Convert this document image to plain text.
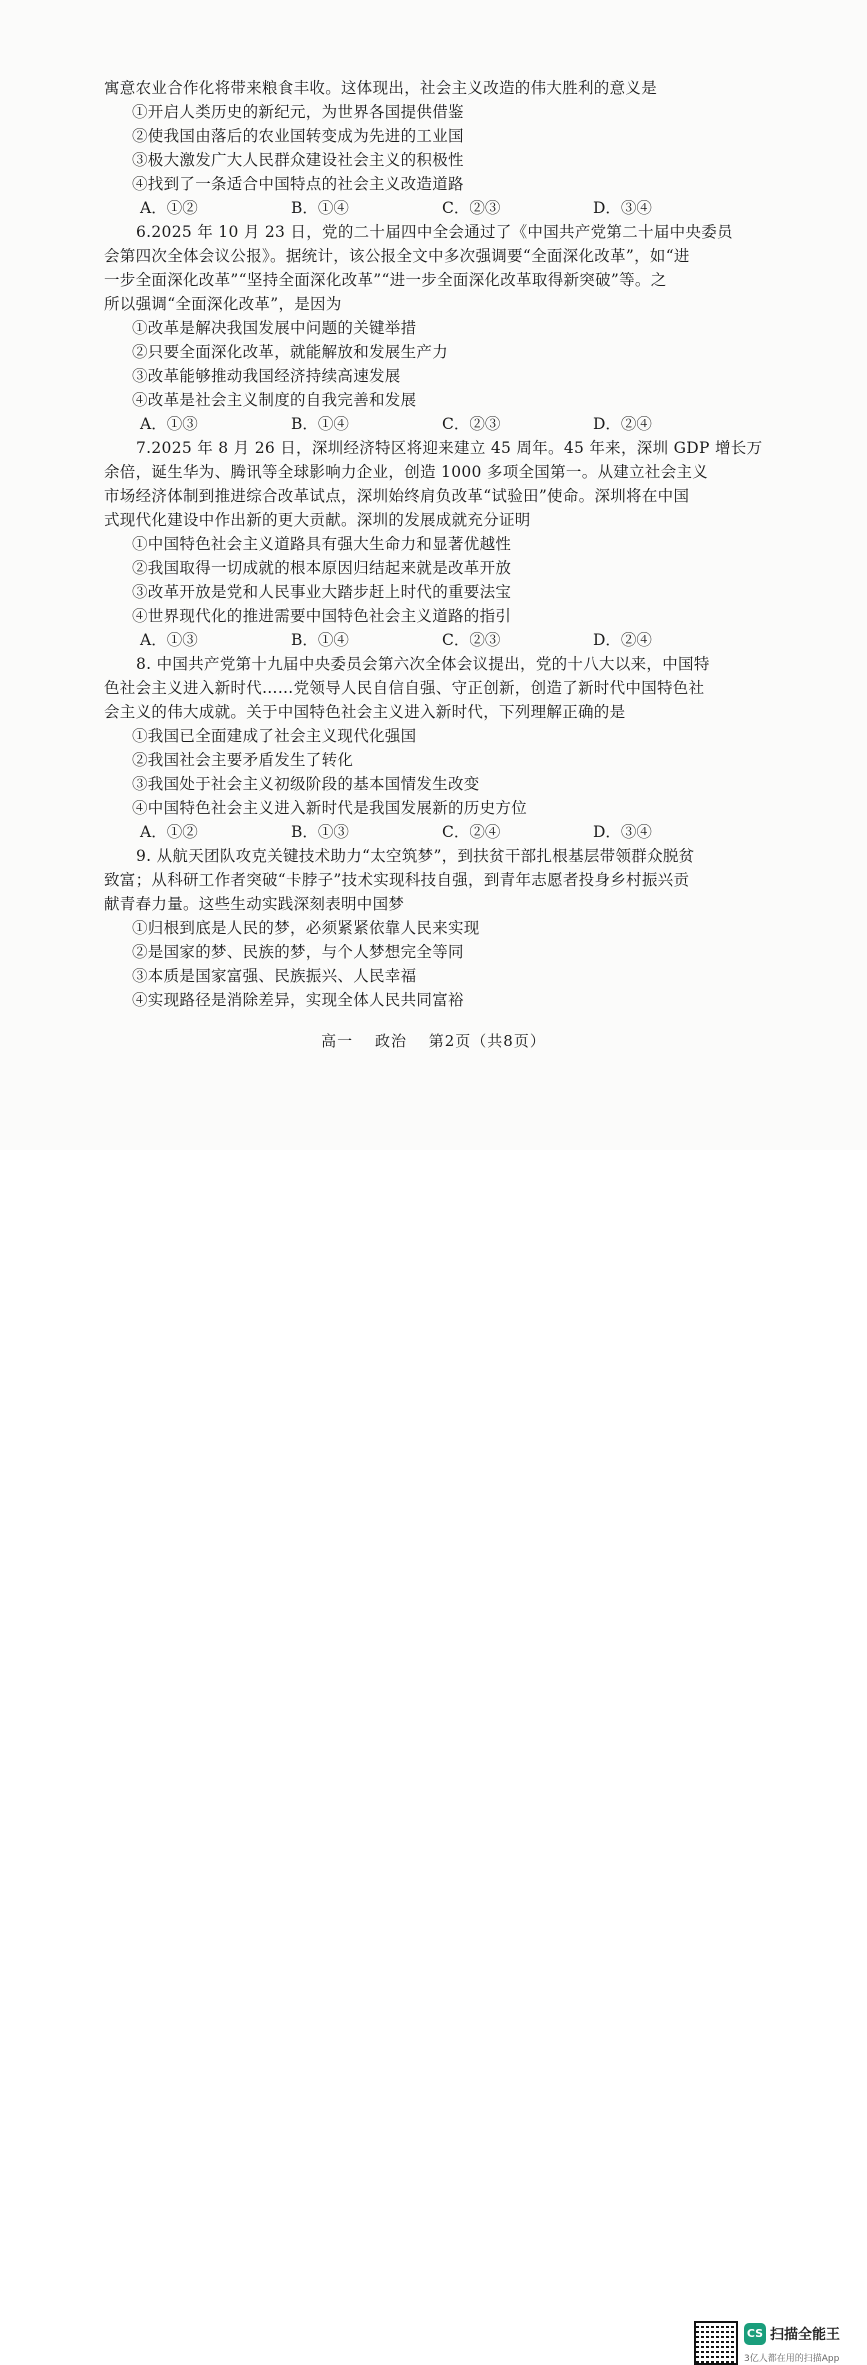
寓意农业合作化将带来粮食丰收。这体现出，社会主义改造的伟大胜利的意义是
①开启人类历史的新纪元，为世界各国提供借鉴
②使我国由落后的农业国转变成为先进的工业国
③极大激发广大人民群众建设社会主义的积极性
④找到了一条适合中国特点的社会主义改造道路
A．①②	B．①④	C．②③	D．③④
6.2025 年 10 月 23 日，党的二十届四中全会通过了《中国共产党第二十届中央委员
会第四次全体会议公报》。据统计，该公报全文中多次强调要“全面深化改革”，如“进
一步全面深化改革”“坚持全面深化改革”“进一步全面深化改革取得新突破”等。之
所以强调“全面深化改革”，是因为
①改革是解决我国发展中问题的关键举措
②只要全面深化改革，就能解放和发展生产力
③改革能够推动我国经济持续高速发展
④改革是社会主义制度的自我完善和发展
A．①③	B．①④	C．②③	D．②④
7.2025 年 8 月 26 日，深圳经济特区将迎来建立 45 周年。45 年来，深圳 GDP 增长万
余倍，诞生华为、腾讯等全球影响力企业，创造 1000 多项全国第一。从建立社会主义
市场经济体制到推进综合改革试点，深圳始终肩负改革“试验田”使命。深圳将在中国
式现代化建设中作出新的更大贡献。深圳的发展成就充分证明
①中国特色社会主义道路具有强大生命力和显著优越性
②我国取得一切成就的根本原因归结起来就是改革开放
③改革开放是党和人民事业大踏步赶上时代的重要法宝
④世界现代化的推进需要中国特色社会主义道路的指引
A．①③	B．①④	C．②③	D．②④
8. 中国共产党第十九届中央委员会第六次全体会议提出，党的十八大以来，中国特
色社会主义进入新时代……党领导人民自信自强、守正创新，创造了新时代中国特色社
会主义的伟大成就。关于中国特色社会主义进入新时代，下列理解正确的是
①我国已全面建成了社会主义现代化强国
②我国社会主要矛盾发生了转化
③我国处于社会主义初级阶段的基本国情发生改变
④中国特色社会主义进入新时代是我国发展新的历史方位
A．①②	B．①③	C．②④	D．③④
9. 从航天团队攻克关键技术助力“太空筑梦”，到扶贫干部扎根基层带领群众脱贫
致富；从科研工作者突破“卡脖子”技术实现科技自强，到青年志愿者投身乡村振兴贡
献青春力量。这些生动实践深刻表明中国梦
①归根到底是人民的梦，必须紧紧依靠人民来实现
②是国家的梦、民族的梦，与个人梦想完全等同
③本质是国家富强、民族振兴、人民幸福
④实现路径是消除差异，实现全体人民共同富裕
高一 政治 第2页（共8页）
CS 扫描全能王
3亿人都在用的扫描App
